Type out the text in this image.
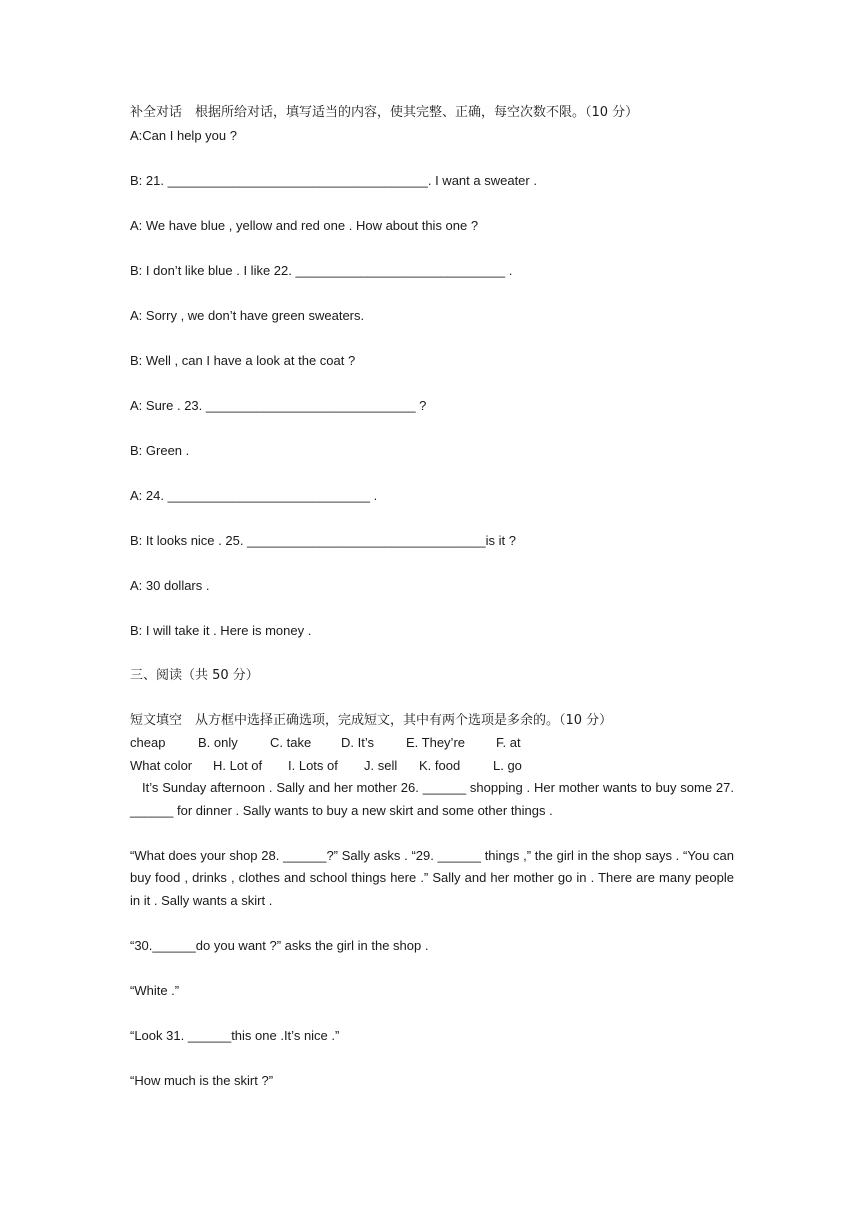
补全对话　根据所给对话，填写适当的内容，使其完整、正确，每空次数不限。（10 分）

A:Can I help you ?

B: 21. ____________________________________. I want a sweater .

A: We have blue , yellow and red one . How about this one ?

B: I don’t like blue . I like 22. _____________________________ .

A: Sorry , we don’t have green sweaters.

B: Well , can I have a look at the coat ?

A: Sure . 23. _____________________________ ?

B: Green .

A: 24. ____________________________ .

B: It looks nice . 25. _________________________________is it ?

A: 30 dollars .

B: I will take it . Here is money .

三、阅读（共 50 分）

短文填空　从方框中选择正确选项，完成短文，其中有两个选项是多余的。（10 分）

cheap	B. only C. take D. It’s E. They’re F. at

What color H. Lot of I. Lots of J. sell K. food	L. go

It’s Sunday afternoon . Sally and her mother 26. ______ shopping . Her mother wants to buy some 27. ______ for dinner . Sally wants to buy a new skirt and some other things .

“What does your shop 28. ______?” Sally asks . “29. ______ things ,” the girl in the shop says . “You can buy food , drinks , clothes and school things here .” Sally and her mother go in . There are many people in it . Sally wants a skirt .

“30.______do you want ?” asks the girl in the shop .

“White .”

“Look 31. ______this one .It’s nice .”

“How much is the skirt ?”
